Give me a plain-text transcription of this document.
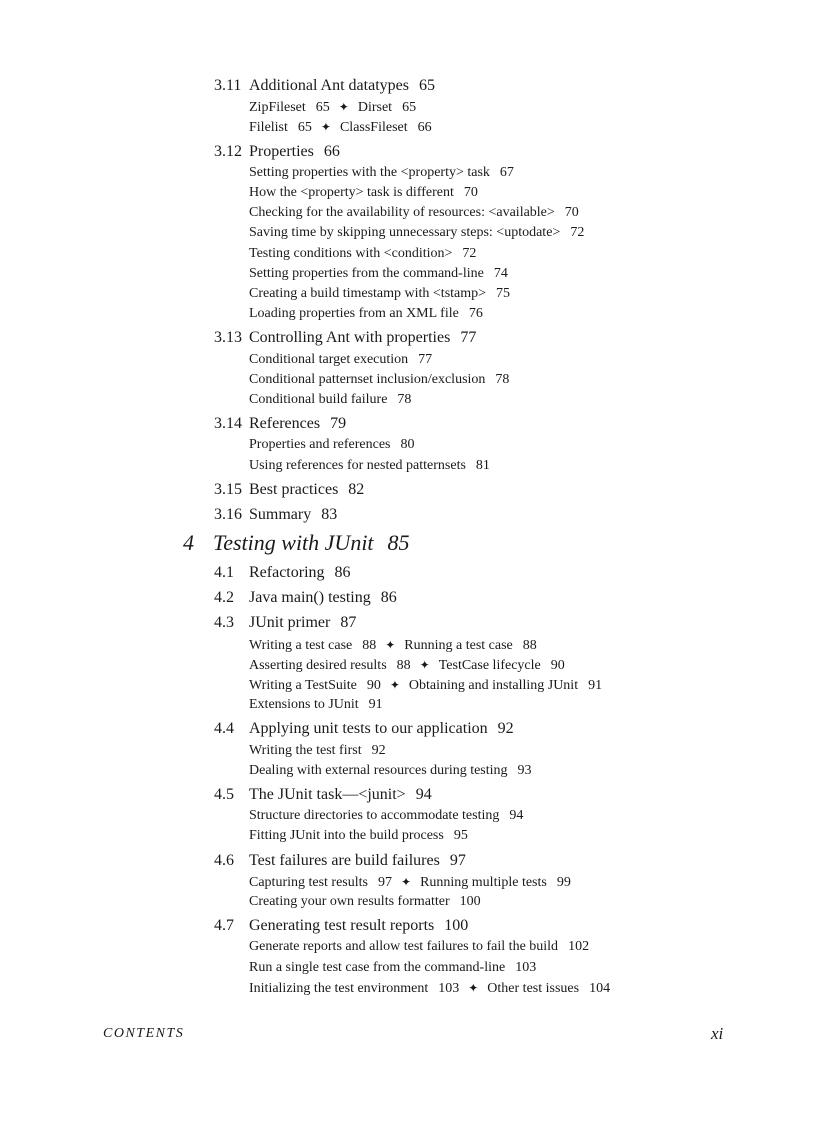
3.11 Additional Ant datatypes 65
ZipFileset 65 ✦ Dirset 65
Filelist 65 ✦ ClassFileset 66
3.12 Properties 66
Setting properties with the <property> task 67
How the <property> task is different 70
Checking for the availability of resources: <available> 70
Saving time by skipping unnecessary steps: <uptodate> 72
Testing conditions with <condition> 72
Setting properties from the command-line 74
Creating a build timestamp with <tstamp> 75
Loading properties from an XML file 76
3.13 Controlling Ant with properties 77
Conditional target execution 77
Conditional patternset inclusion/exclusion 78
Conditional build failure 78
3.14 References 79
Properties and references 80
Using references for nested patternsets 81
3.15 Best practices 82
3.16 Summary 83
4.1 Refactoring 86
4.2 Java main() testing 86
4.3 JUnit primer 87
Writing a test case 88 ✦ Running a test case 88
Asserting desired results 88 ✦ TestCase lifecycle 90
Writing a TestSuite 90 ✦ Obtaining and installing JUnit 91
Extensions to JUnit 91
4.4 Applying unit tests to our application 92
Writing the test first 92
Dealing with external resources during testing 93
4.5 The JUnit task—<junit> 94
Structure directories to accommodate testing 94
Fitting JUnit into the build process 95
4.6 Test failures are build failures 97
Capturing test results 97 ✦ Running multiple tests 99
Creating your own results formatter 100
4.7 Generating test result reports 100
Generate reports and allow test failures to fail the build 102
Run a single test case from the command-line 103
Initializing the test environment 103 ✦ Other test issues 104
4 Testing with JUnit 85
CONTENTS	xi
